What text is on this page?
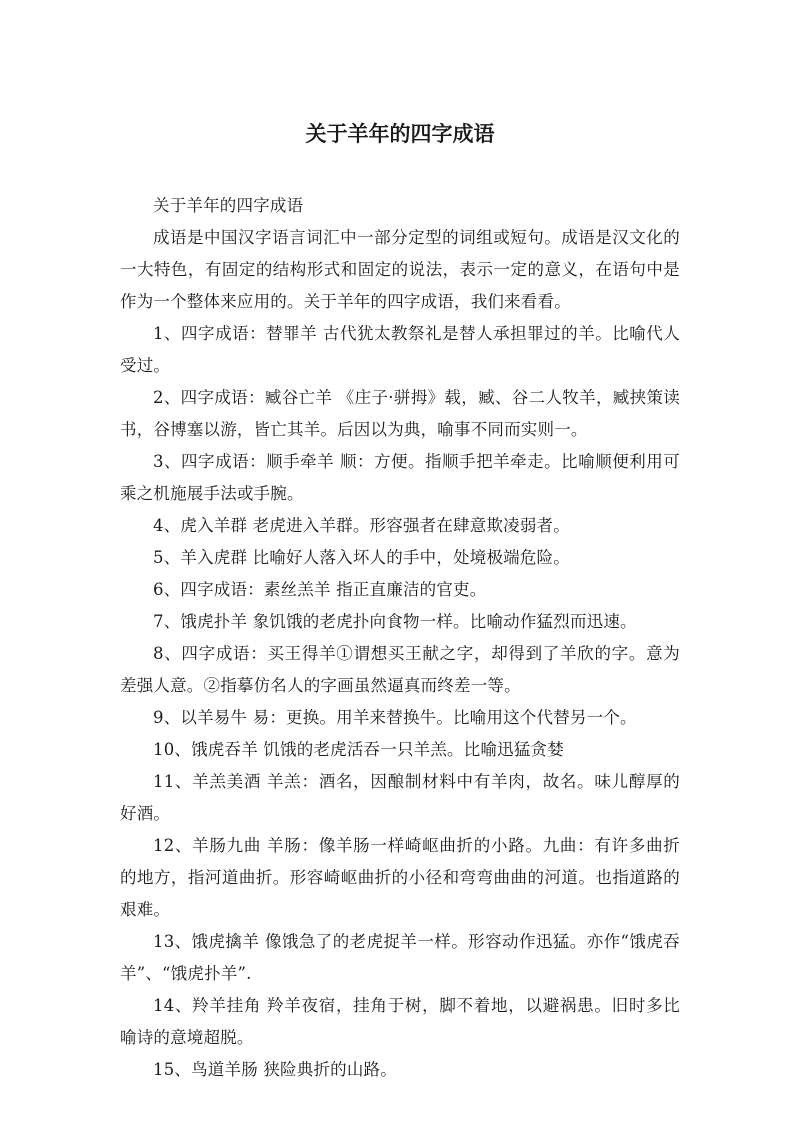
关于羊年的四字成语

关于羊年的四字成语

成语是中国汉字语言词汇中一部分定型的词组或短句。成语是汉文化的一大特色，有固定的结构形式和固定的说法，表示一定的意义，在语句中是作为一个整体来应用的。关于羊年的四字成语，我们来看看。

1、四字成语：替罪羊 古代犹太教祭礼是替人承担罪过的羊。比喻代人受过。

2、四字成语：臧谷亡羊 《庄子·骈拇》载，臧、谷二人牧羊，臧挟策读书，谷博塞以游，皆亡其羊。后因以为典，喻事不同而实则一。

3、四字成语：顺手牵羊 顺：方便。指顺手把羊牵走。比喻顺便利用可乘之机施展手法或手腕。

4、虎入羊群 老虎进入羊群。形容强者在肆意欺凌弱者。

5、羊入虎群 比喻好人落入坏人的手中，处境极端危险。

6、四字成语：素丝羔羊 指正直廉洁的官吏。

7、饿虎扑羊 象饥饿的老虎扑向食物一样。比喻动作猛烈而迅速。

8、四字成语：买王得羊①谓想买王献之字，却得到了羊欣的字。意为差强人意。②指摹仿名人的字画虽然逼真而终差一等。

9、以羊易牛 易：更换。用羊来替换牛。比喻用这个代替另一个。

10、饿虎吞羊 饥饿的老虎活吞一只羊羔。比喻迅猛贪婪

11、羊羔美酒 羊羔：酒名，因酿制材料中有羊肉，故名。味儿醇厚的好酒。

12、羊肠九曲 羊肠：像羊肠一样崎岖曲折的小路。九曲：有许多曲折的地方，指河道曲折。形容崎岖曲折的小径和弯弯曲曲的河道。也指道路的艰难。

13、饿虎擒羊 像饿急了的老虎捉羊一样。形容动作迅猛。亦作“饿虎吞羊”、“饿虎扑羊”.

14、羚羊挂角 羚羊夜宿，挂角于树，脚不着地，以避祸患。旧时多比喻诗的意境超脱。

15、鸟道羊肠 狭险典折的山路。
